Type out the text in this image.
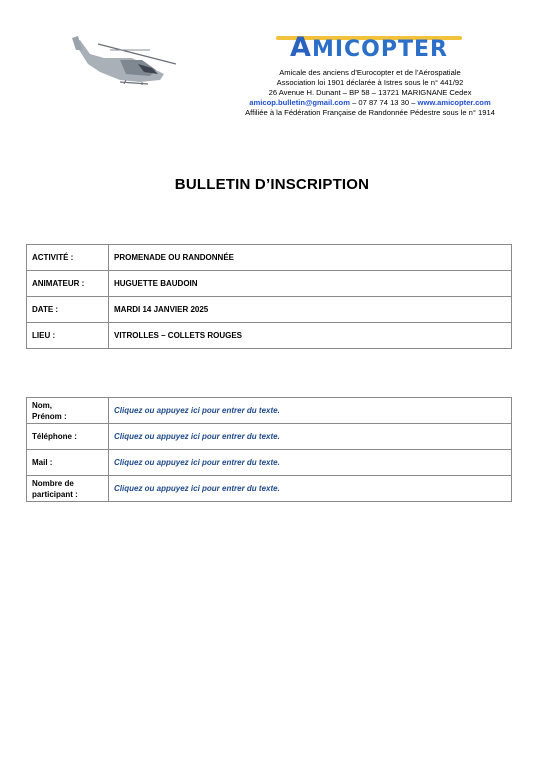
AMICOPTER
Amicale des anciens d’Eurocopter et de l’Aérospatiale
Association loi 1901 déclarée à Istres sous le n° 441/92
26 Avenue H. Dunant – BP 58 – 13721 MARIGNANE Cedex
amicop.bulletin@gmail.com – 07 87 74 13 30 – www.amicopter.com
Affiliée à la Fédération Française de Randonnée Pédestre sous le n° 1914
BULLETIN D’INSCRIPTION
ACTIVITÉ :	PROMENADE OU RANDONNÉE
ANIMATEUR :	HUGUETTE BAUDOIN
DATE :	MARDI 14 JANVIER 2025
LIEU :	VITROLLES – COLLETS ROUGES
Nom,
Prénom :	Cliquez ou appuyez ici pour entrer du texte.
Téléphone :	Cliquez ou appuyez ici pour entrer du texte.
Mail :	Cliquez ou appuyez ici pour entrer du texte.
Nombre de
participant :	Cliquez ou appuyez ici pour entrer du texte.
